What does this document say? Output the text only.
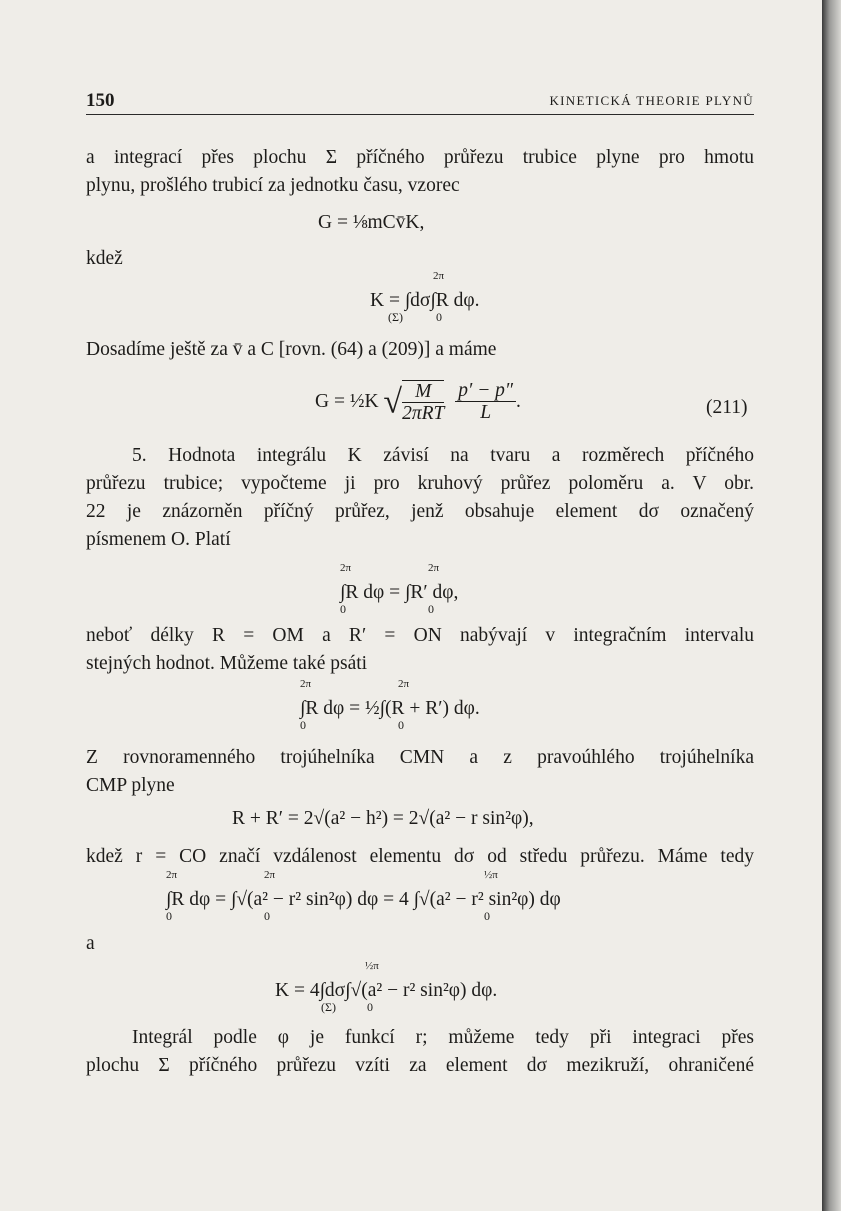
150	KINETICKÁ THEORIE PLYNŮ
a integrací přes plochu Σ příčného průřezu trubice plyne pro hmotu
plynu, prošlého trubicí za jednotku času, vzorec
G = ⅛mCv̄K,
kdež
K = ∫dσ∫R dφ.
2π
(Σ)	0
Dosadíme ještě za v̄ a C [rovn. (64) a (209)] a máme
G = ½K √ $\frac{M}{\text{2πRT}}$
$\frac{p' - p''}{L}$ .	(211)
5. Hodnota integrálu K závisí na tvaru a rozměrech příčného
průřezu trubice; vypočteme ji pro kruhový průřez poloměru a. V obr.
22 je znázorněn příčný průřez, jenž obsahuje element dσ označený
písmenem O. Platí
∫R dφ = ∫R′ dφ,
2π
0
2π
0
neboť délky R = OM a R′ = ON nabývají v integračním intervalu
stejných hodnot. Můžeme také psáti
∫R dφ = ½∫(R + R′) dφ.
2π
0
2π
0
Z rovnoramenného trojúhelníka CMN a z pravoúhlého trojúhelníka
CMP plyne
R + R′ = 2√(a² − h²) = 2√(a² − r sin²φ),
kdež r = CO značí vzdálenost elementu dσ od středu průřezu. Máme tedy
∫R dφ = ∫√(a² − r² sin²φ) dφ = 4 ∫√(a² − r² sin²φ) dφ
2π
0
2π
0
½π
0
a
K = 4∫dσ∫√(a² − r² sin²φ) dφ.
(Σ)
½π
0
Integrál podle φ je funkcí r; můžeme tedy při integraci přes
plochu Σ příčného průřezu vzíti za element dσ mezikruží, ohraničené
